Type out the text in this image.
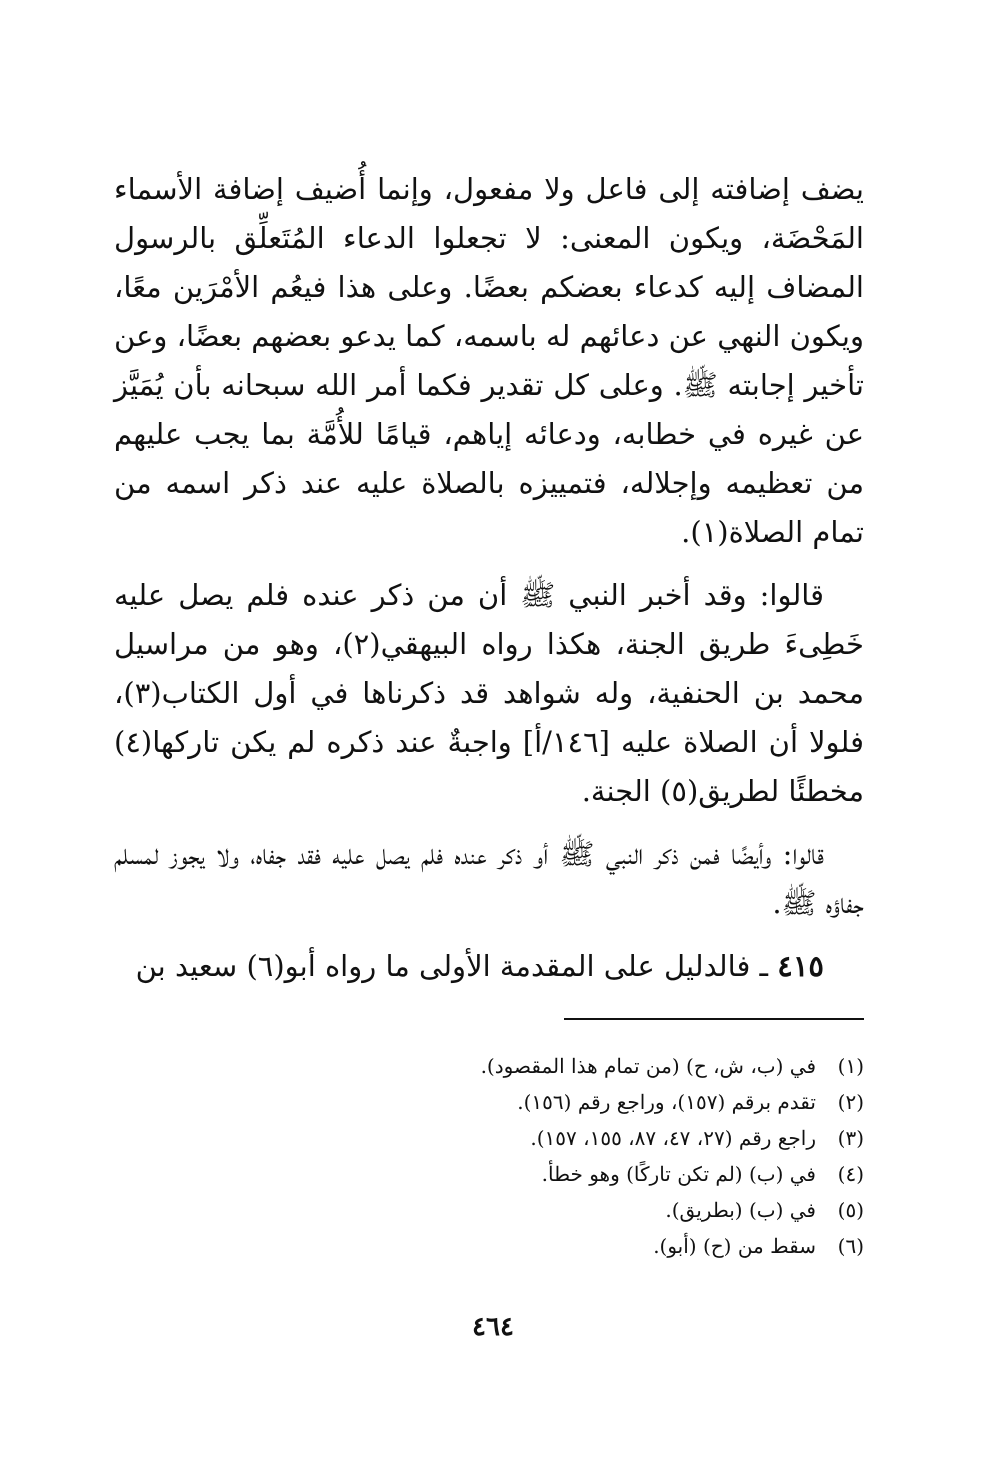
يضف إضافته إلى فاعل ولا مفعول، وإنما أُضيف إضافة الأسماء المَحْضَة، ويكون المعنى: لا تجعلوا الدعاء المُتَعلِّق بالرسول المضاف إليه كدعاء بعضكم بعضًا. وعلى هذا فيعُم الأمْرَين معًا، ويكون النهي عن دعائهم له باسمه، كما يدعو بعضهم بعضًا، وعن تأخير إجابته ﷺ. وعلى كل تقدير فكما أمر الله سبحانه بأن يُمَيَّز عن غيره في خطابه، ودعائه إياهم، قيامًا للأُمَّة بما يجب عليهم من تعظيمه وإجلاله، فتمييزه بالصلاة عليه عند ذكر اسمه من تمام الصلاة(١).

قالوا: وقد أخبر النبي ﷺ أن من ذكر عنده فلم يصل عليه خَطِىءَ طريق الجنة، هكذا رواه البيهقي(٢)، وهو من مراسيل محمد بن الحنفية، وله شواهد قد ذكرناها في أول الكتاب(٣)، فلولا أن الصلاة عليه [١٤٦/أ] واجبةٌ عند ذكره لم يكن تاركها(٤) مخطئًا لطريق(٥) الجنة.

قالوا: وأيضًا فمن ذكر النبي ﷺ أو ذكر عنده فلم يصل عليه فقد جفاه، ولا يجوز لمسلم جفاؤه ﷺ.

٤١٥ ـ فالدليل على المقدمة الأولى ما رواه أبو(٦) سعيد بن

(١)في (ب، ش، ح) (من تمام هذا المقصود).
(٢)تقدم برقم (١٥٧)، وراجع رقم (١٥٦).
(٣)راجع رقم (٢٧، ٤٧، ٨٧، ١٥٥، ١٥٧).
(٤)في (ب) (لم تكن تاركًا) وهو خطأ.
(٥)في (ب) (بطريق).
(٦)سقط من (ح) (أبو).
٤٦٤
